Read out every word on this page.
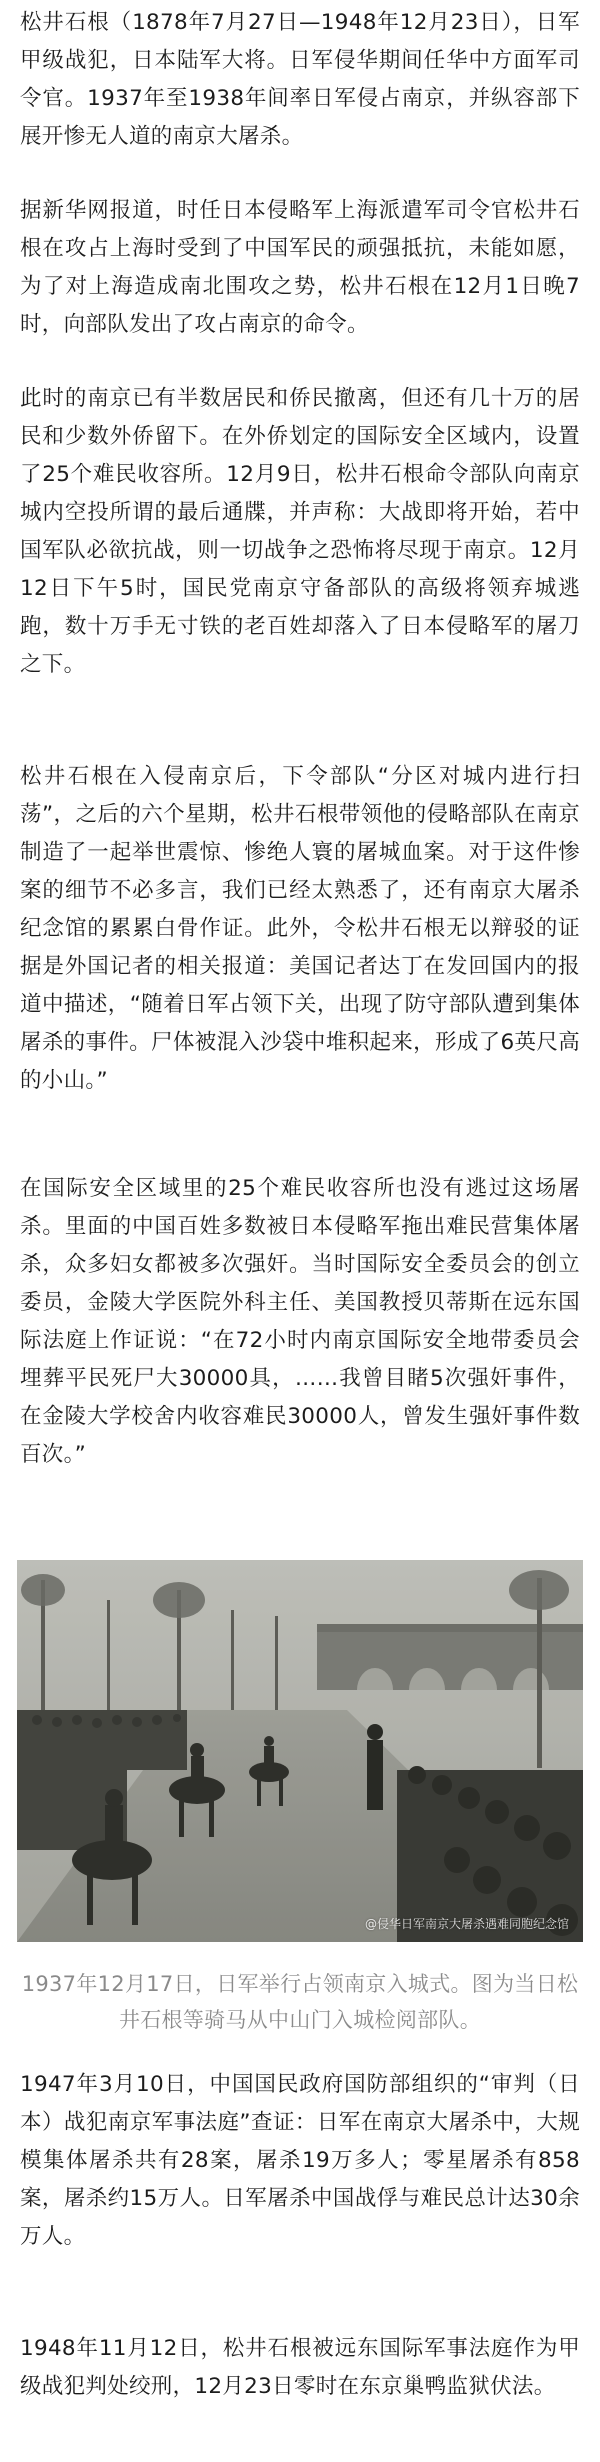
松井石根（1878年7月27日—1948年12月23日），日军甲级战犯，日本陆军大将。日军侵华期间任华中方面军司令官。1937年至1938年间率日军侵占南京，并纵容部下展开惨无人道的南京大屠杀。

据新华网报道，时任日本侵略军上海派遣军司令官松井石根在攻占上海时受到了中国军民的顽强抵抗，未能如愿，为了对上海造成南北围攻之势，松井石根在12月1日晚7时，向部队发出了攻占南京的命令。

此时的南京已有半数居民和侨民撤离，但还有几十万的居民和少数外侨留下。在外侨划定的国际安全区域内，设置了25个难民收容所。12月9日，松井石根命令部队向南京城内空投所谓的最后通牒，并声称：大战即将开始，若中国军队必欲抗战，则一切战争之恐怖将尽现于南京。12月12日下午5时，国民党南京守备部队的高级将领弃城逃跑，数十万手无寸铁的老百姓却落入了日本侵略军的屠刀之下。

松井石根在入侵南京后，下令部队“分区对城内进行扫荡”，之后的六个星期，松井石根带领他的侵略部队在南京制造了一起举世震惊、惨绝人寰的屠城血案。对于这件惨案的细节不必多言，我们已经太熟悉了，还有南京大屠杀纪念馆的累累白骨作证。此外，令松井石根无以辩驳的证据是外国记者的相关报道：美国记者达丁在发回国内的报道中描述，“随着日军占领下关，出现了防守部队遭到集体屠杀的事件。尸体被混入沙袋中堆积起来，形成了6英尺高的小山。”

在国际安全区域里的25个难民收容所也没有逃过这场屠杀。里面的中国百姓多数被日本侵略军拖出难民营集体屠杀，众多妇女都被多次强奸。当时国际安全委员会的创立委员，金陵大学医院外科主任、美国教授贝蒂斯在远东国际法庭上作证说：“在72小时内南京国际安全地带委员会埋葬平民死尸大30000具，……我曾目睹5次强奸事件，在金陵大学校舍内收容难民30000人，曾发生强奸事件数百次。”

@侵华日军南京大屠杀遇难同胞纪念馆

1937年12月17日，日军举行占领南京入城式。图为当日松井石根等骑马从中山门入城检阅部队。

1947年3月10日，中国国民政府国防部组织的“审判（日本）战犯南京军事法庭”查证：日军在南京大屠杀中，大规模集体屠杀共有28案，屠杀19万多人；零星屠杀有858案，屠杀约15万人。日军屠杀中国战俘与难民总计达30余万人。

1948年11月12日，松井石根被远东国际军事法庭作为甲级战犯判处绞刑，12月23日零时在东京巢鸭监狱伏法。
